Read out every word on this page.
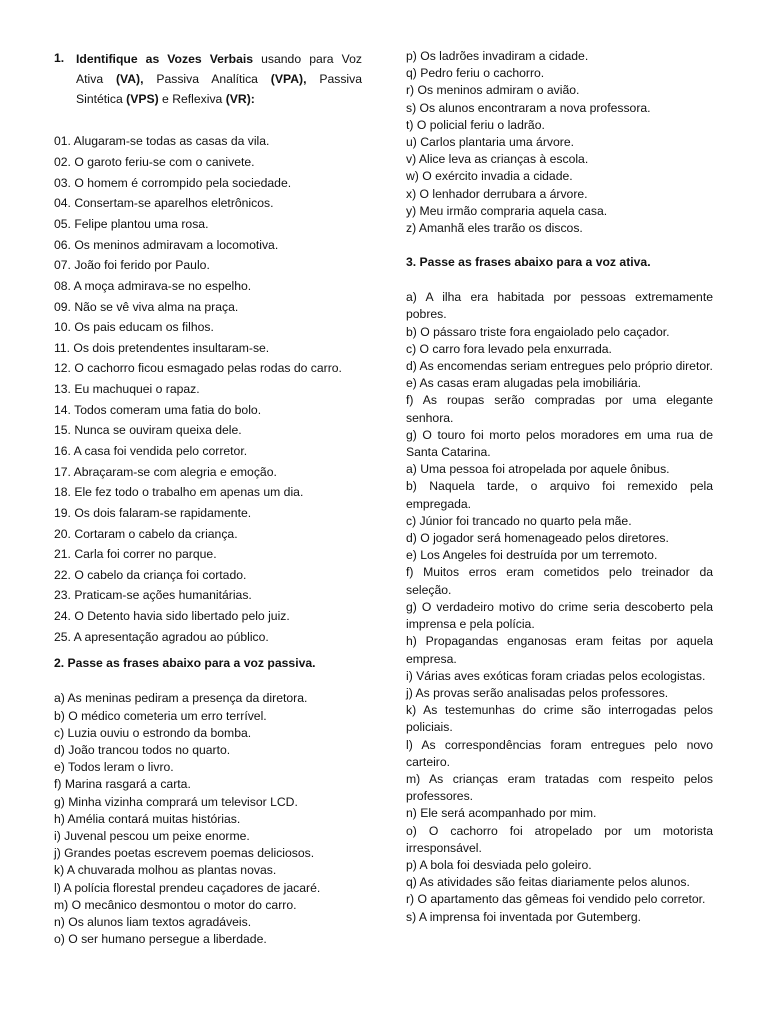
1. Identifique as Vozes Verbais usando para Voz Ativa (VA), Passiva Analítica (VPA), Passiva Sintética (VPS) e Reflexiva (VR):
01. Alugaram-se todas as casas da vila.
02. O garoto feriu-se com o canivete.
03. O homem é corrompido pela sociedade.
04. Consertam-se aparelhos eletrônicos.
05. Felipe plantou uma rosa.
06. Os meninos admiravam a locomotiva.
07. João foi ferido por Paulo.
08. A moça admirava-se no espelho.
09. Não se vê viva alma na praça.
10. Os pais educam os filhos.
11. Os dois pretendentes insultaram-se.
12. O cachorro ficou esmagado pelas rodas do carro.
13. Eu machuquei o rapaz.
14. Todos comeram uma fatia do bolo.
15. Nunca se ouviram queixa dele.
16. A casa foi vendida pelo corretor.
17. Abraçaram-se com alegria e emoção.
18. Ele fez todo o trabalho em apenas um dia.
19. Os dois falaram-se rapidamente.
20. Cortaram o cabelo da criança.
21. Carla foi correr no parque.
22. O cabelo da criança foi cortado.
23. Praticam-se ações humanitárias.
24. O Detento havia sido libertado pelo juiz.
25. A apresentação agradou ao público.
2. Passe as frases abaixo para a voz passiva.
a) As meninas pediram a presença da diretora.
b) O médico cometeria um erro terrível.
c) Luzia ouviu o estrondo da bomba.
d) João trancou todos no quarto.
e) Todos leram o livro.
f) Marina rasgará a carta.
g) Minha vizinha comprará um televisor LCD.
h) Amélia contará muitas histórias.
i) Juvenal pescou um peixe enorme.
j) Grandes poetas escrevem poemas deliciosos.
k) A chuvarada molhou as plantas novas.
l) A polícia florestal prendeu caçadores de jacaré.
m) O mecânico desmontou o motor do carro.
n) Os alunos liam textos agradáveis.
o) O ser humano persegue a liberdade.
p) Os ladrões invadiram a cidade.
q) Pedro feriu o cachorro.
r) Os meninos admiram o avião.
s) Os alunos encontraram a nova professora.
t) O policial feriu o ladrão.
u) Carlos plantaria uma árvore.
v) Alice leva as crianças à escola.
w) O exército invadia a cidade.
x) O lenhador derrubara a árvore.
y) Meu irmão compraria aquela casa.
z) Amanhã eles trarão os discos.
3. Passe as frases abaixo para a voz ativa.
a) A ilha era habitada por pessoas extremamente pobres.
b) O pássaro triste fora engaiolado pelo caçador.
c) O carro fora levado pela enxurrada.
d) As encomendas seriam entregues pelo próprio diretor.
e) As casas eram alugadas pela imobiliária.
f) As roupas serão compradas por uma elegante senhora.
g) O touro foi morto pelos moradores em uma rua de Santa Catarina.
a) Uma pessoa foi atropelada por aquele ônibus.
b) Naquela tarde, o arquivo foi remexido pela empregada.
c) Júnior foi trancado no quarto pela mãe.
d) O jogador será homenageado pelos diretores.
e) Los Angeles foi destruída por um terremoto.
f) Muitos erros eram cometidos pelo treinador da seleção.
g) O verdadeiro motivo do crime seria descoberto pela imprensa e pela polícia.
h) Propagandas enganosas eram feitas por aquela empresa.
i) Várias aves exóticas foram criadas pelos ecologistas.
j) As provas serão analisadas pelos professores.
k) As testemunhas do crime são interrogadas pelos policiais.
l) As correspondências foram entregues pelo novo carteiro.
m) As crianças eram tratadas com respeito pelos professores.
n) Ele será acompanhado por mim.
o) O cachorro foi atropelado por um motorista irresponsável.
p) A bola foi desviada pelo goleiro.
q) As atividades são feitas diariamente pelos alunos.
r) O apartamento das gêmeas foi vendido pelo corretor.
s) A imprensa foi inventada por Gutemberg.
